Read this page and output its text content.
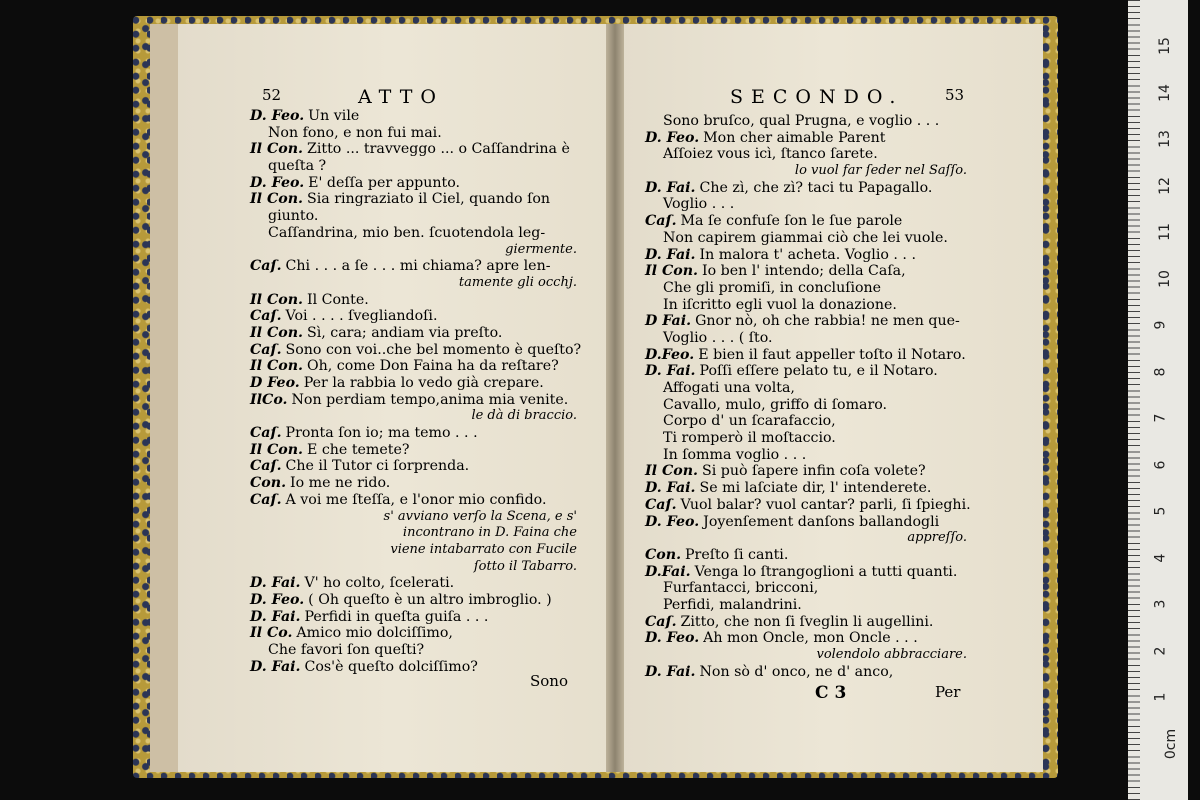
52	ATTO	SECONDO.	53
D. Feo. Un vile
Non fono, e non fui mai.
Il Con. Zitto ... travveggo ... o Caſſandrina è
queſta ?
D. Feo. E' deſſa per appunto.
Il Con. Sia ringraziato il Ciel, quando ſon
giunto.
Caſſandrina, mio ben. ſcuotendola leg-
giermente.
Caſ. Chi . . . a ſe . . . mi chiama? apre len-
tamente gli occhj.
Il Con. Il Conte.
Caſ. Voi . . . . ſvegliandoſi.
Il Con. Sì, cara; andiam via preſto.
Caſ. Sono con voi..che bel momento è queſto?
Il Con. Oh, come Don Faina ha da reſtare?
D Feo. Per la rabbia lo vedo già crepare.
IlCo. Non perdiam tempo,anima mia venite.
le dà di braccio.
Caſ. Pronta ſon io; ma temo . . .
Il Con. E che temete?
Caſ. Che il Tutor ci ſorprenda.
Con. Io me ne rido.
Caſ. A voi me ſteſſa, e l'onor mio confido.
s' avviano verſo la Scena, e s'
incontrano in D. Faina che
viene intabarrato con Fucile
ſotto il Tabarro.
D. Fai. V' ho colto, ſcelerati.
D. Feo. ( Oh queſto è un altro imbroglio. )
D. Fai. Perfidi in queſta guiſa . . .
Il Co. Amico mio dolciſſimo,
Che favori ſon queſti?
D. Fai. Cos'è queſto dolciſſimo?
Sono bruſco, qual Prugna, e voglio . . .
D. Feo. Mon cher aimable Parent
Aſſoiez vous icì, ſtanco ſarete.
lo vuol far ſeder nel Saſſo.
D. Fai. Che zì, che zì? taci tu Papagallo.
Voglio . . .
Caſ. Ma ſe confuſe ſon le ſue parole
Non capirem giammai ciò che lei vuole.
D. Fai. In malora t' acheta. Voglio . . .
Il Con. Io ben l' intendo; della Caſa,
Che gli promiſi, in concluſione
In iſcritto egli vuol la donazione.
D Fai. Gnor nò, oh che rabbia! ne men que-
Voglio . . . ( ſto.
D.Feo. E bien il faut appeller toſto il Notaro.
D. Fai. Poſſi eſſere pelato tu, e il Notaro.
Affogati una volta,
Cavallo, mulo, griffo di ſomaro.
Corpo d' un ſcarafaccio,
Ti romperò il moſtaccio.
In ſomma voglio . . .
Il Con. Si può ſapere infin coſa volete?
D. Fai. Se mi laſciate dir, l' intenderete.
Caſ. Vuol balar? vuol cantar? parli, ſi ſpieghi.
D. Feo. Joyenſement danſons ballandogli
appreſſo.
Con. Preſto ſi canti.
D.Fai. Venga lo ſtrangoglioni a tutti quanti.
Furfantacci, bricconi,
Perfidi, malandrini.
Caſ. Zitto, che non ſi ſveglin li augellini.
D. Feo. Ah mon Oncle, mon Oncle . . .
volendolo abbracciare.
D. Fai. Non sò d' onco, ne d' anco,
Sono
C 3	Per
15
14
13
12
11
10
9
8
7
6
5
4
3
2
1
0cm
